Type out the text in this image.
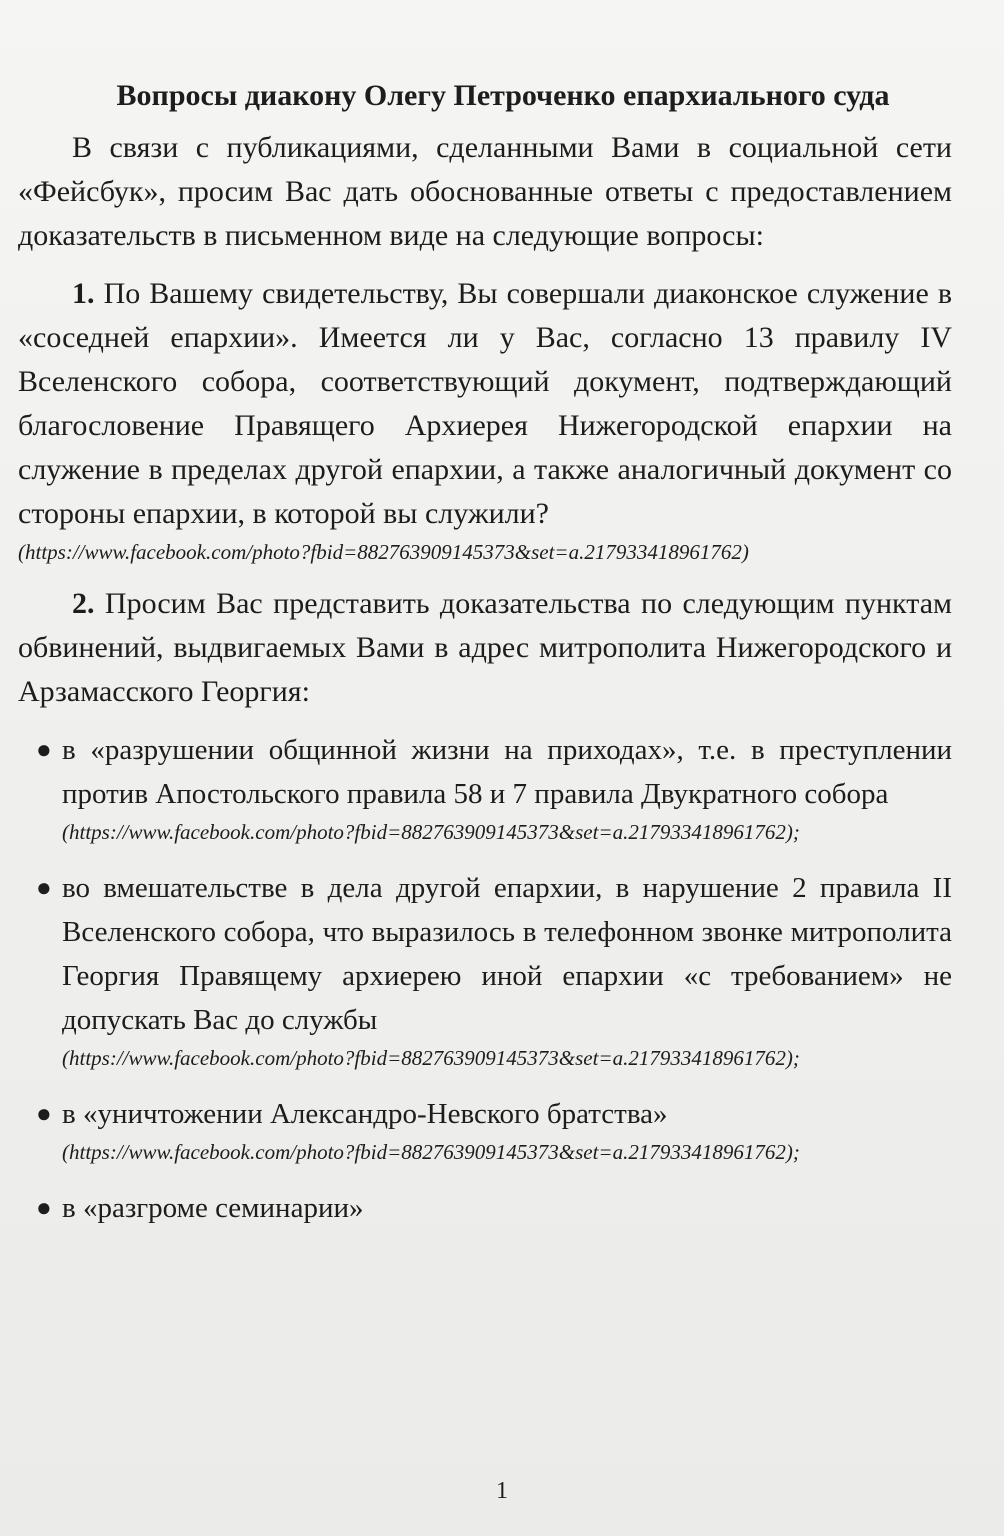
Вопросы диакону Олегу Петроченко епархиального суда

В связи с публикациями, сделанными Вами в социальной сети «Фейсбук», просим Вас дать обоснованные ответы с предоставлением доказательств в письменном виде на следующие вопросы:

1. По Вашему свидетельству, Вы совершали диаконское служение в «соседней епархии». Имеется ли у Вас, согласно 13 правилу IV Вселенского собора, соответствующий документ, подтверждающий благословение Правящего Архиерея Нижегородской епархии на служение в пределах другой епархии, а также аналогичный документ со стороны епархии, в которой вы служили?

(https://www.facebook.com/photo?fbid=882763909145373&set=a.217933418961762)

2. Просим Вас представить доказательства по следующим пунктам обвинений, выдвигаемых Вами в адрес митрополита Нижегородского и Арзамасского Георгия:

● в «разрушении общинной жизни на приходах», т.е. в преступлении против Апостольского правила 58 и 7 правила Двукратного собора

(https://www.facebook.com/photo?fbid=882763909145373&set=a.217933418961762);

● во вмешательстве в дела другой епархии, в нарушение 2 правила II Вселенского собора, что выразилось в телефонном звонке митрополита Георгия Правящему архиерею иной епархии «с требованием» не допускать Вас до службы

(https://www.facebook.com/photo?fbid=882763909145373&set=a.217933418961762);

● в «уничтожении Александро-Невского братства»

(https://www.facebook.com/photo?fbid=882763909145373&set=a.217933418961762);

● в «разгроме семинарии»

1
